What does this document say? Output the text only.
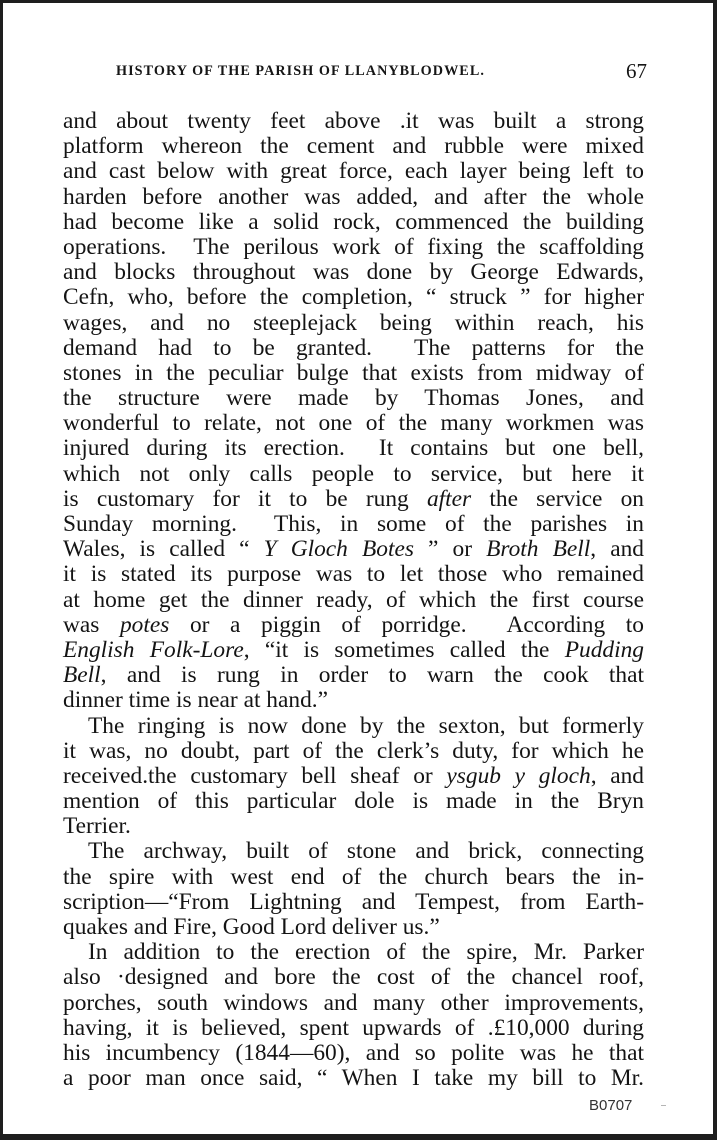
HISTORY OF THE PARISH OF LLANYBLODWEL.	67
and about twenty feet above .it was built a strong
platform whereon the cement and rubble were mixed
and cast below with great force, each layer being left to
harden before another was added, and after the whole
had become like a solid rock, commenced the building
operations.  The perilous work of fixing the scaffolding
and blocks throughout was done by George Edwards,
Cefn, who, before the completion, “ struck ” for higher
wages, and no steeplejack being within reach, his
demand had to be granted.  The patterns for the
stones in the peculiar bulge that exists from midway of
the structure were made by Thomas Jones, and
wonderful to relate, not one of the many workmen was
injured during its erection.  It contains but one bell,
which not only calls people to service, but here it
is customary for it to be rung after the service on
Sunday morning.  This, in some of the parishes in
Wales, is called “ Y Gloch Botes ” or Broth Bell, and
it is stated its purpose was to let those who remained
at home get the dinner ready, of which the first course
was potes or a piggin of porridge.  According to
English Folk-Lore, “it is sometimes called the Pudding
Bell, and is rung in order to warn the cook that
dinner time is near at hand.”
The ringing is now done by the sexton, but formerly
it was, no doubt, part of the clerk’s duty, for which he
received.the customary bell sheaf or ysgub y gloch, and
mention of this particular dole is made in the Bryn
Terrier.
The archway, built of stone and brick, connecting
the spire with west end of the church bears the in-
scription—“From Lightning and Tempest, from Earth-
quakes and Fire, Good Lord deliver us.”
In addition to the erection of the spire, Mr. Parker
also ·designed and bore the cost of the chancel roof,
porches, south windows and many other improvements,
having, it is believed, spent upwards of .£10,000 during
his incumbency (1844—60), and so polite was he that
a poor man once said, “ When I take my bill to Mr.
B0707
